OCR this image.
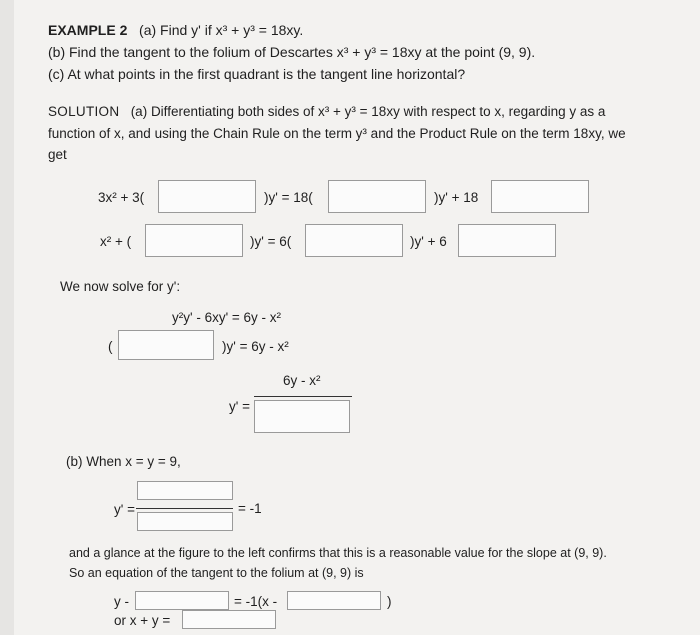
EXAMPLE 2 (a) Find y' if x³ + y³ = 18xy.
(b) Find the tangent to the folium of Descartes x³ + y³ = 18xy at the point (9, 9).
(c) At what points in the first quadrant is the tangent line horizontal?
SOLUTION (a) Differentiating both sides of x³ + y³ = 18xy with respect to x, regarding y as a
function of x, and using the Chain Rule on the term y³ and the Product Rule on the term 18xy, we
get
3x² + 3(	)y' = 18(	)y' + 18
x² + (	)y' = 6(	)y' + 6
We now solve for y':
y²y' - 6xy' = 6y - x²
(	)y' = 6y - x²
6y - x²
y' =
(b) When x = y = 9,
y' =	= -1
and a glance at the figure to the left confirms that this is a reasonable value for the slope at (9, 9).
So an equation of the tangent to the folium at (9, 9) is
y -	= -1(x -	)
or x + y =
